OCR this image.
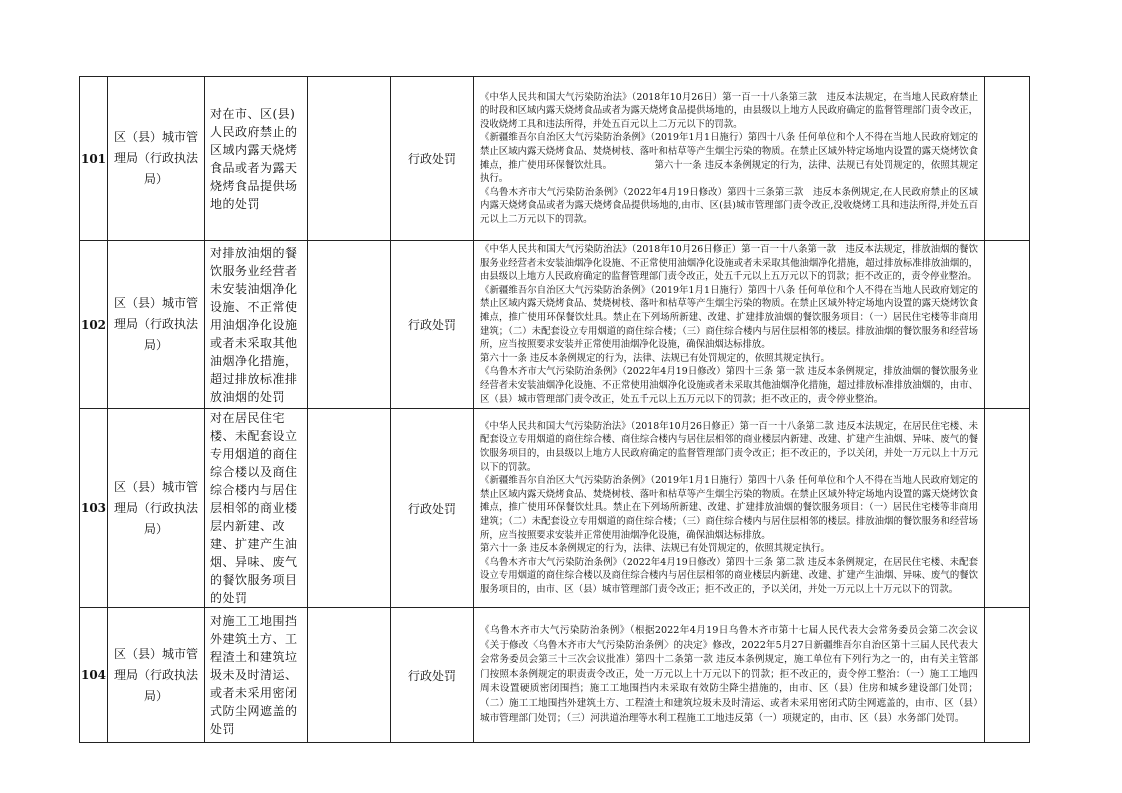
101	区（县）城市管理局（行政执法局）	对在市、区(县)人民政府禁止的区域内露天烧烤食品或者为露天烧烤食品提供场地的处罚		行政处罚	《中华人民共和国大气污染防治法》（2018年10月26日）第一百一十八条第三款　违反本法规定，在当地人民政府禁止的时段和区域内露天烧烤食品或者为露天烧烤食品提供场地的，由县级以上地方人民政府确定的监督管理部门责令改正，没收烧烤工具和违法所得，并处五百元以上二万元以下的罚款。
《新疆维吾尔自治区大气污染防治条例》（2019年1月1日施行）第四十八条 任何单位和个人不得在当地人民政府划定的禁止区域内露天烧烤食品、焚烧树枝、落叶和枯草等产生烟尘污染的物质。在禁止区域外特定场地内设置的露天烧烤饮食摊点，推广使用环保餐饮灶具。　　　　　第六十一条 违反本条例规定的行为，法律、法规已有处罚规定的，依照其规定执行。
《乌鲁木齐市大气污染防治条例》（2022年4月19日修改）第四十三条第三款　违反本条例规定,在人民政府禁止的区域内露天烧烤食品或者为露天烧烤食品提供场地的,由市、区(县)城市管理部门责令改正,没收烧烤工具和违法所得,并处五百元以上二万元以下的罚款。	
102	区（县）城市管理局（行政执法局）	对排放油烟的餐饮服务业经营者未安装油烟净化设施、不正常使用油烟净化设施或者未采取其他油烟净化措施，超过排放标准排放油烟的处罚		行政处罚	《中华人民共和国大气污染防治法》（2018年10月26日修正）第一百一十八条第一款　违反本法规定，排放油烟的餐饮服务业经营者未安装油烟净化设施、不正常使用油烟净化设施或者未采取其他油烟净化措施，超过排放标准排放油烟的，由县级以上地方人民政府确定的监督管理部门责令改正，处五千元以上五万元以下的罚款；拒不改正的，责令停业整治。
《新疆维吾尔自治区大气污染防治条例》（2019年1月1日施行）第四十八条 任何单位和个人不得在当地人民政府划定的禁止区域内露天烧烤食品、焚烧树枝、落叶和枯草等产生烟尘污染的物质。在禁止区域外特定场地内设置的露天烧烤饮食摊点，推广使用环保餐饮灶具。禁止在下列场所新建、改建、扩建排放油烟的餐饮服务项目：（一）居民住宅楼等非商用建筑；（二）未配套设立专用烟道的商住综合楼；（三）商住综合楼内与居住层相邻的楼层。排放油烟的餐饮服务和经营场所，应当按照要求安装并正常使用油烟净化设施，确保油烟达标排放。
第六十一条 违反本条例规定的行为，法律、法规已有处罚规定的，依照其规定执行。
《乌鲁木齐市大气污染防治条例》（2022年4月19日修改）第四十三条 第一款 违反本条例规定，排放油烟的餐饮服务业经营者未安装油烟净化设施、不正常使用油烟净化设施或者未采取其他油烟净化措施，超过排放标准排放油烟的，由市、区（县）城市管理部门责令改正，处五千元以上五万元以下的罚款；拒不改正的，责令停业整治。	
103	区（县）城市管理局（行政执法局）	对在居民住宅楼、未配套设立专用烟道的商住综合楼以及商住综合楼内与居住层相邻的商业楼层内新建、改建、扩建产生油烟、异味、废气的餐饮服务项目的处罚		行政处罚	《中华人民共和国大气污染防治法》（2018年10月26日修正）第一百一十八条第二款 违反本法规定，在居民住宅楼、未配套设立专用烟道的商住综合楼、商住综合楼内与居住层相邻的商业楼层内新建、改建、扩建产生油烟、异味、废气的餐饮服务项目的，由县级以上地方人民政府确定的监督管理部门责令改正；拒不改正的，予以关闭，并处一万元以上十万元以下的罚款。
《新疆维吾尔自治区大气污染防治条例》（2019年1月1日施行）第四十八条 任何单位和个人不得在当地人民政府划定的禁止区域内露天烧烤食品、焚烧树枝、落叶和枯草等产生烟尘污染的物质。在禁止区域外特定场地内设置的露天烧烤饮食摊点，推广使用环保餐饮灶具。禁止在下列场所新建、改建、扩建排放油烟的餐饮服务项目：（一）居民住宅楼等非商用建筑；（二）未配套设立专用烟道的商住综合楼；（三）商住综合楼内与居住层相邻的楼层。排放油烟的餐饮服务和经营场所，应当按照要求安装并正常使用油烟净化设施，确保油烟达标排放。
第六十一条 违反本条例规定的行为，法律、法规已有处罚规定的，依照其规定执行。
《乌鲁木齐市大气污染防治条例》（2022年4月19日修改）第四十三条 第二款 违反本条例规定，在居民住宅楼、未配套设立专用烟道的商住综合楼以及商住综合楼内与居住层相邻的商业楼层内新建、改建、扩建产生油烟、异味、废气的餐饮服务项目的，由市、区（县）城市管理部门责令改正；拒不改正的，予以关闭，并处一万元以上十万元以下的罚款。	
104	区（县）城市管理局（行政执法局）	对施工工地围挡外建筑土方、工程渣土和建筑垃圾未及时清运、或者未采用密闭式防尘网遮盖的处罚		行政处罚	《乌鲁木齐市大气污染防治条例》（根据2022年4月19日乌鲁木齐市第十七届人民代表大会常务委员会第二次会议《关于修改〈乌鲁木齐市大气污染防治条例〉的决定》修改，2022年5月27日新疆维吾尔自治区第十三届人民代表大会常务委员会第三十三次会议批准）第四十二条第一款 违反本条例规定，施工单位有下列行为之一的，由有关主管部门按照本条例规定的职责责令改正，处一万元以上十万元以下的罚款；拒不改正的，责令停工整治：（一）施工工地四周未设置硬质密闭围挡；施工工地围挡内未采取有效防尘降尘措施的，由市、区（县）住房和城乡建设部门处罚；（二）施工工地围挡外建筑土方、工程渣土和建筑垃圾未及时清运、或者未采用密闭式防尘网遮盖的，由市、区（县）城市管理部门处罚；（三）河洪道治理等水利工程施工工地违反第（一）项规定的，由市、区（县）水务部门处罚。	
